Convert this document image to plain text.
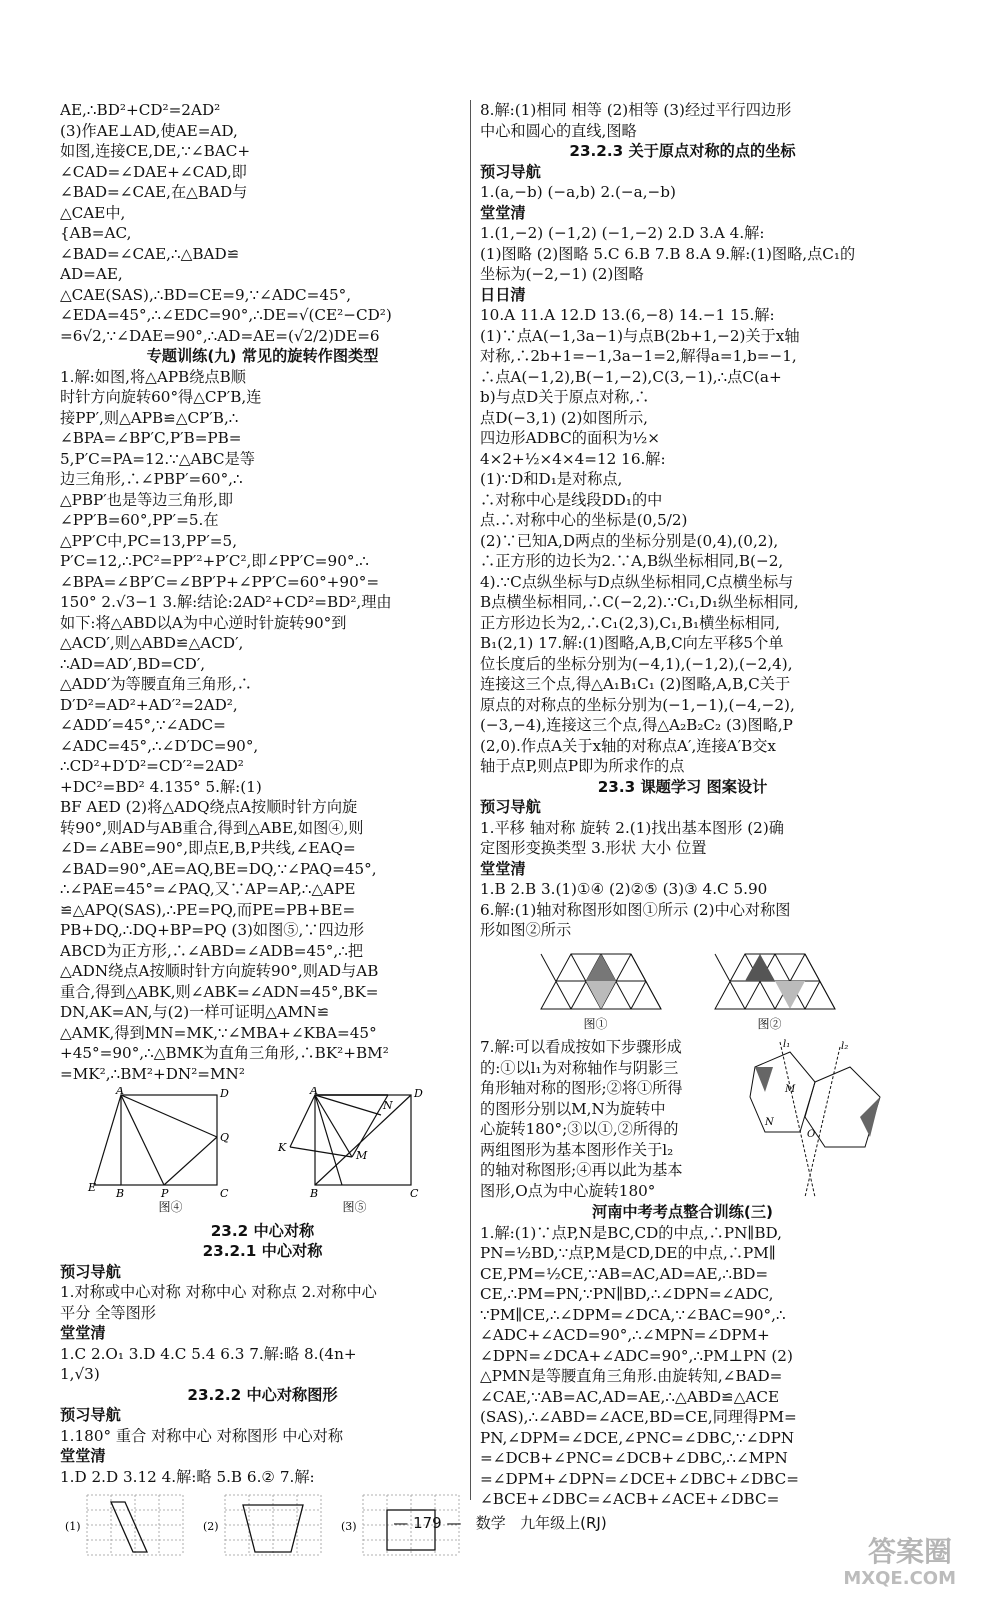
AE,∴BD²+CD²=2AD²
(3)作AE⊥AD,使AE=AD,
如图,连接CE,DE,∵∠BAC+
∠CAD=∠DAE+∠CAD,即
∠BAD=∠CAE,在△BAD与
△CAE中,
{AB=AC,
∠BAD=∠CAE,∴△BAD≌
AD=AE,
△CAE(SAS),∴BD=CE=9,∵∠ADC=45°,
∠EDA=45°,∴∠EDC=90°,∴DE=√(CE²−CD²)
=6√2,∵∠DAE=90°,∴AD=AE=(√2/2)DE=6
专题训练(九) 常见的旋转作图类型
1.解:如图,将△APB绕点B顺
时针方向旋转60°得△CP′B,连
接PP′,则△APB≌△CP′B,∴
∠BPA=∠BP′C,P′B=PB=
5,P′C=PA=12.∵△ABC是等
边三角形,∴∠PBP′=60°,∴
△PBP′也是等边三角形,即
∠PP′B=60°,PP′=5.在
△PP′C中,PC=13,PP′=5,
P′C=12,∴PC²=PP′²+P′C²,即∠PP′C=90°.∴
∠BPA=∠BP′C=∠BP′P+∠PP′C=60°+90°=
150° 2.√3−1 3.解:结论:2AD²+CD²=BD²,理由
如下:将△ABD以A为中心逆时针旋转90°到
△ACD′,则△ABD≌△ACD′,
∴AD=AD′,BD=CD′,
△ADD′为等腰直角三角形,∴
D′D²=AD²+AD′²=2AD²,
∠ADD′=45°,∵∠ADC=
∠ADC=45°,∴∠D′DC=90°,
∴CD²+D′D²=CD′²=2AD²
+DC²=BD² 4.135° 5.解:(1)
BF AED (2)将△ADQ绕点A按顺时针方向旋
转90°,则AD与AB重合,得到△ABE,如图④,则
∠D=∠ABE=90°,即点E,B,P共线,∠EAQ=
∠BAD=90°,AE=AQ,BE=DQ,∵∠PAQ=45°,
∴∠PAE=45°=∠PAQ,又∵AP=AP,∴△APE
≌△APQ(SAS),∴PE=PQ,而PE=PB+BE=
PB+DQ,∴DQ+BP=PQ (3)如图⑤,∵四边形
ABCD为正方形,∴∠ABD=∠ADB=45°,∴把
△ADN绕点A按顺时针方向旋转90°,则AD与AB
重合,得到△ABK,则∠ABK=∠ADN=45°,BK=
DN,AK=AN,与(2)一样可证明△AMN≌
△AMK,得到MN=MK,∵∠MBA+∠KBA=45°
+45°=90°,∴△BMK为直角三角形,∴BK²+BM²
=MK²,∴BM²+DN²=MN²
A	D
Q
E B	P	C
图④
A	D
N
K
M
B	C
图⑤
23.2 中心对称
23.2.1 中心对称
预习导航
1.对称或中心对称 对称中心 对称点 2.对称中心
平分 全等图形
堂堂清
1.C 2.O₁ 3.D 4.C 5.4 6.3 7.解:略 8.(4n+
1,√3)
23.2.2 中心对称图形
预习导航
1.180° 重合 对称中心 对称图形 中心对称
堂堂清
1.D 2.D 3.12 4.解:略 5.B 6.② 7.解:
(1)	(2)	(3)
8.解:(1)相同 相等 (2)相等 (3)经过平行四边形
中心和圆心的直线,图略
23.2.3 关于原点对称的点的坐标
预习导航
1.(a,−b) (−a,b) 2.(−a,−b)
堂堂清
1.(1,−2) (−1,2) (−1,−2) 2.D 3.A 4.解:
(1)图略 (2)图略 5.C 6.B 7.B 8.A 9.解:(1)图略,点C₁的
坐标为(−2,−1) (2)图略
日日清
10.A 11.A 12.D 13.(6,−8) 14.−1 15.解:
(1)∵点A(−1,3a−1)与点B(2b+1,−2)关于x轴
对称,∴2b+1=−1,3a−1=2,解得a=1,b=−1,
∴点A(−1,2),B(−1,−2),C(3,−1),∴点C(a+
b)与点D关于原点对称,∴
点D(−3,1) (2)如图所示,
四边形ADBC的面积为½×
4×2+½×4×4=12 16.解:
(1)∵D和D₁是对称点,
∴对称中心是线段DD₁的中
点.∴对称中心的坐标是(0,5/2)
(2)∵已知A,D两点的坐标分别是(0,4),(0,2),
∴正方形的边长为2.∵A,B纵坐标相同,B(−2,
4).∵C点纵坐标与D点纵坐标相同,C点横坐标与
B点横坐标相同,∴C(−2,2).∵C₁,D₁纵坐标相同,
正方形边长为2,∴C₁(2,3),C₁,B₁横坐标相同,
B₁(2,1) 17.解:(1)图略,A,B,C向左平移5个单
位长度后的坐标分别为(−4,1),(−1,2),(−2,4),
连接这三个点,得△A₁B₁C₁ (2)图略,A,B,C关于
原点的对称点的坐标分别为(−1,−1),(−4,−2),
(−3,−4),连接这三个点,得△A₂B₂C₂ (3)图略,P
(2,0).作点A关于x轴的对称点A′,连接A′B交x
轴于点P,则点P即为所求作的点
23.3 课题学习 图案设计
预习导航
1.平移 轴对称 旋转 2.(1)找出基本图形 (2)确
定图形变换类型 3.形状 大小 位置
堂堂清
1.B 2.B 3.(1)①④ (2)②⑤ (3)③ 4.C 5.90
6.解:(1)轴对称图形如图①所示 (2)中心对称图
形如图②所示
图①	图②
7.解:可以看成按如下步骤形成
的:①以l₁为对称轴作与阴影三
角形轴对称的图形;②将①所得
的图形分别以M,N为旋转中
心旋转180°;③以①,②所得的
两组图形为基本图形作关于l₂
的轴对称图形;④再以此为基本
图形,O点为中心旋转180°
l₁	l₂
M
N
O
河南中考考点整合训练(三)
1.解:(1)∵点P,N是BC,CD的中点,∴PN∥BD,
PN=½BD,∵点P,M是CD,DE的中点,∴PM∥
CE,PM=½CE,∵AB=AC,AD=AE,∴BD=
CE,∴PM=PN,∵PN∥BD,∴∠DPN=∠ADC,
∵PM∥CE,∴∠DPM=∠DCA,∵∠BAC=90°,∴
∠ADC+∠ACD=90°,∴∠MPN=∠DPM+
∠DPN=∠DCA+∠ADC=90°,∴PM⊥PN (2)
△PMN是等腰直角三角形.由旋转知,∠BAD=
∠CAE,∵AB=AC,AD=AE,∴△ABD≌△ACE
(SAS),∴∠ABD=∠ACE,BD=CE,同理得PM=
PN,∠DPM=∠DCE,∠PNC=∠DBC,∵∠DPN
=∠DCB+∠PNC=∠DCB+∠DBC,∴∠MPN
=∠DPM+∠DPN=∠DCE+∠DBC+∠DBC=
∠BCE+∠DBC=∠ACB+∠ACE+∠DBC=
— 179 —   数学 九年级上(RJ)
答案圈
MXQE.COM
